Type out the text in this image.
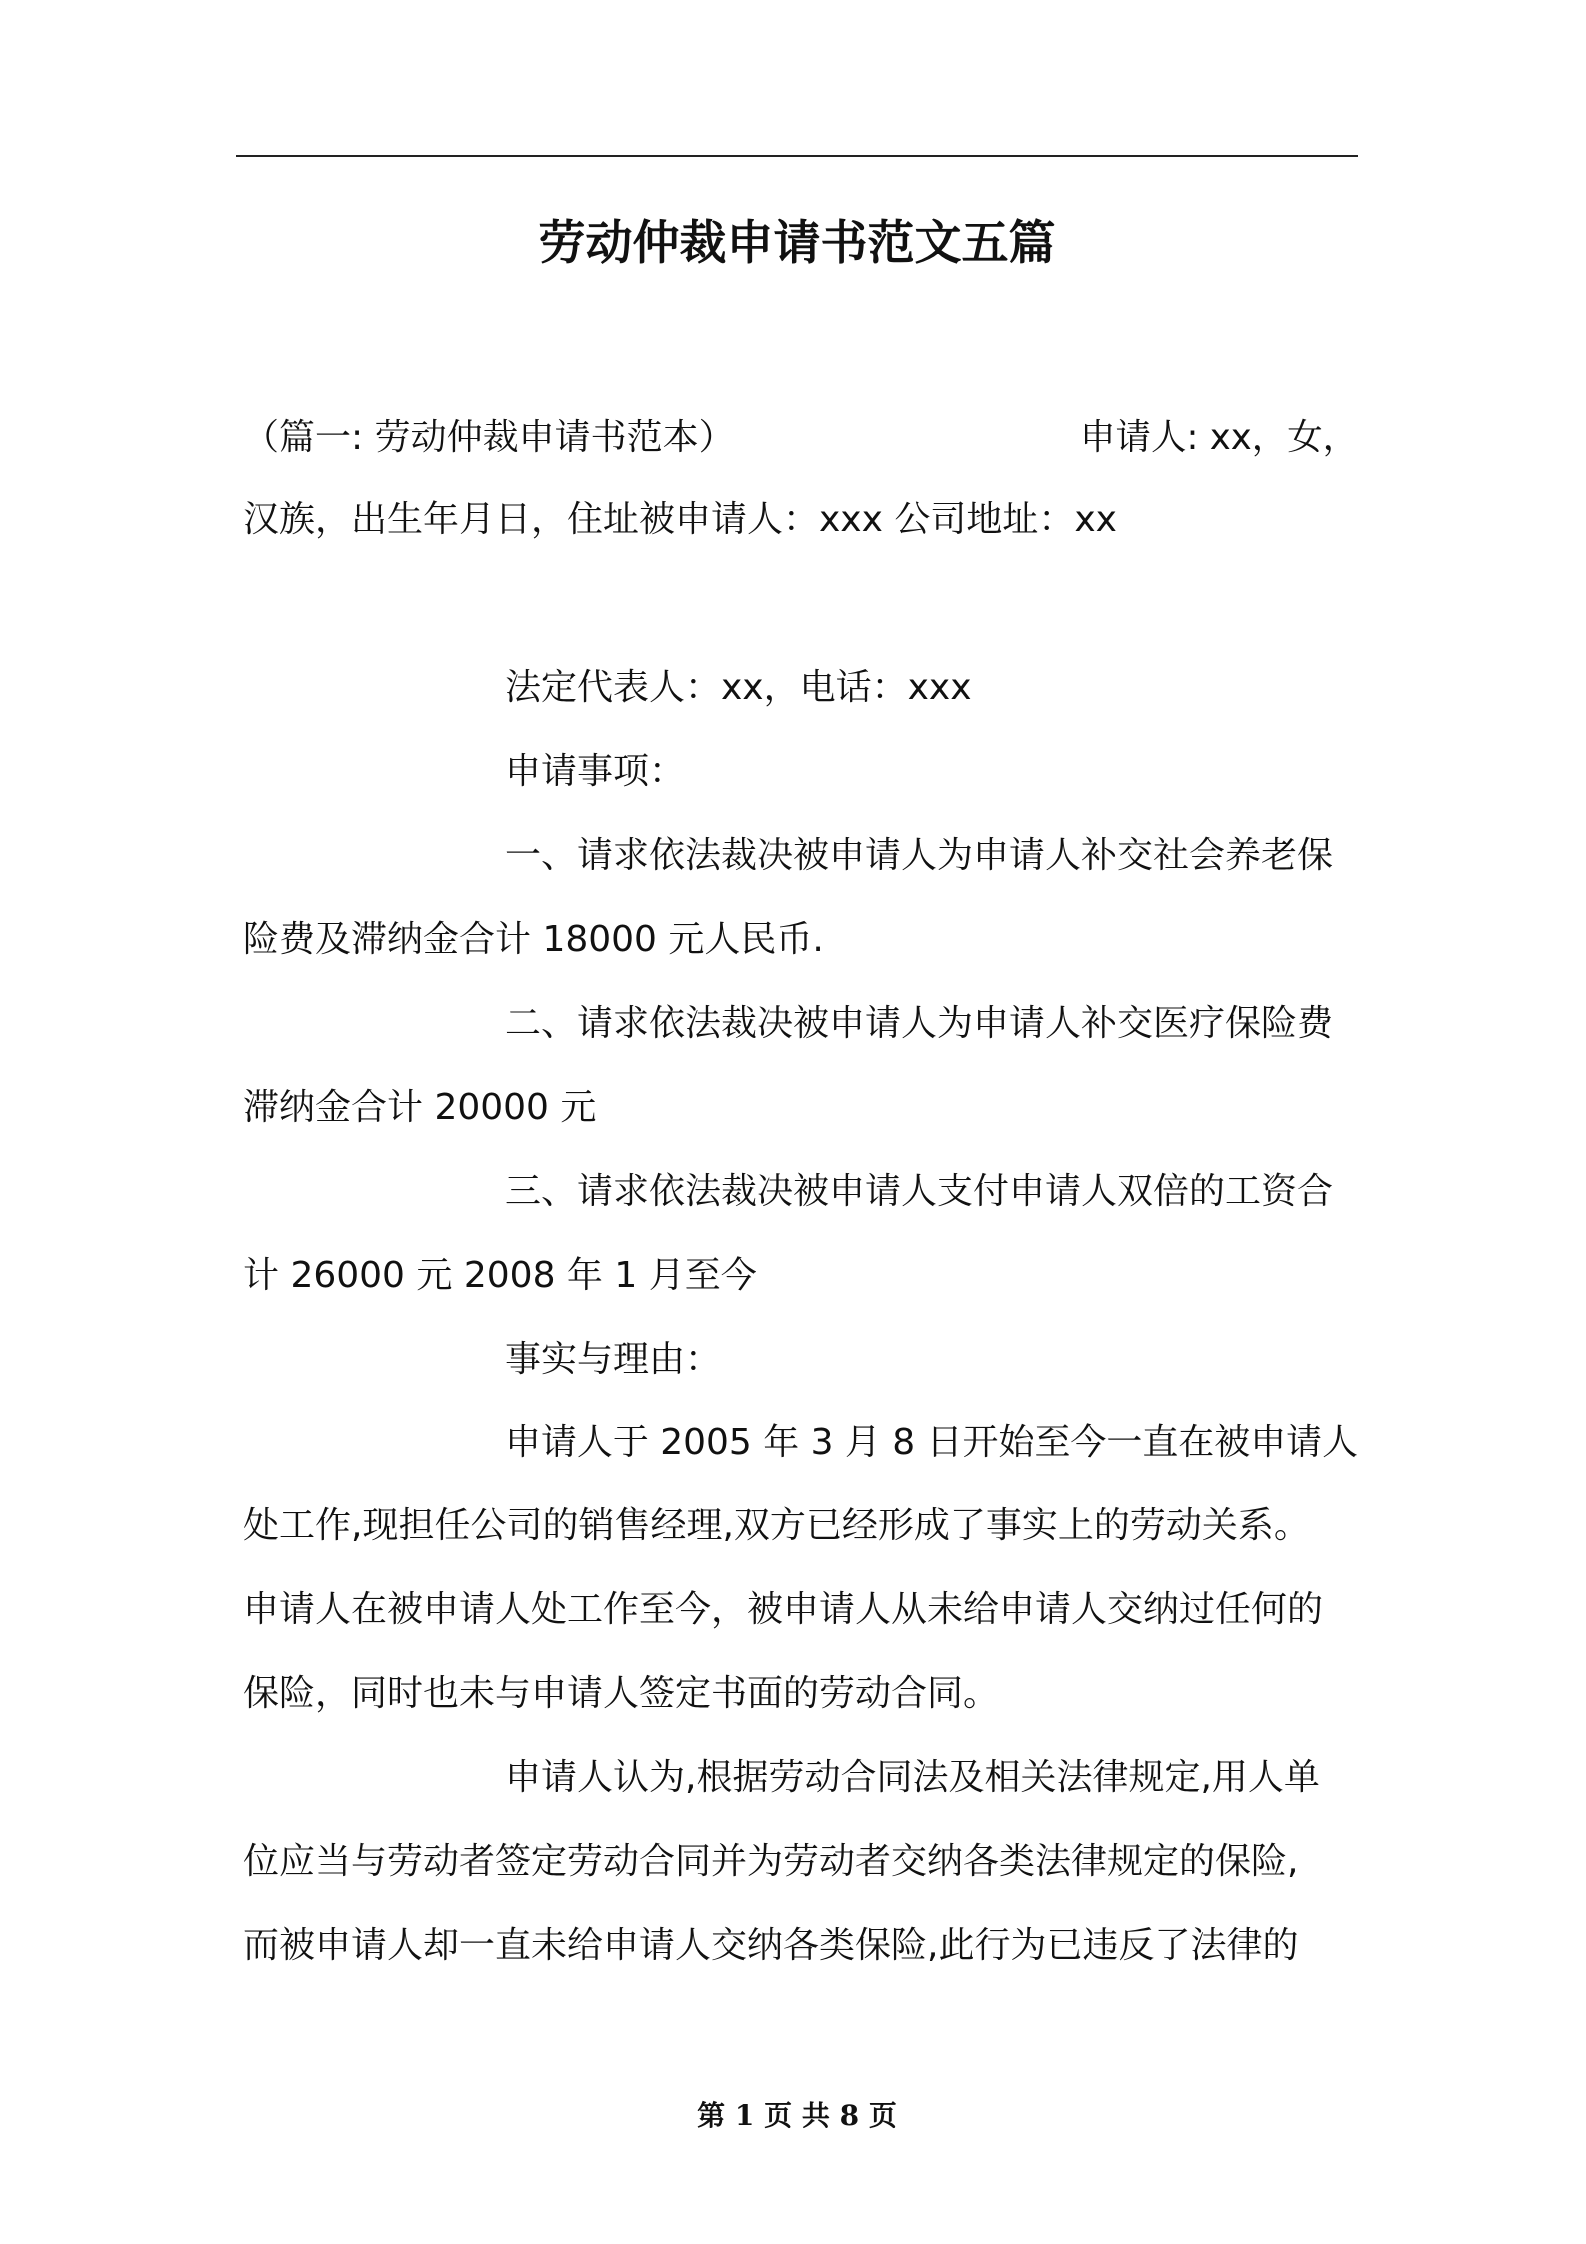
劳动仲裁申请书范文五篇
（篇一: 劳动仲裁申请书范本）	申请人: xx，女，
汉族，出生年月日，住址被申请人：xxx 公司地址：xx
法定代表人：xx，电话：xxx
申请事项：
一、请求依法裁决被申请人为申请人补交社会养老保
险费及滞纳金合计 18000 元人民币.
二、请求依法裁决被申请人为申请人补交医疗保险费
滞纳金合计 20000 元
三、请求依法裁决被申请人支付申请人双倍的工资合
计 26000 元 2008 年 1 月至今
事实与理由：
申请人于 2005 年 3 月 8 日开始至今一直在被申请人
处工作,现担任公司的销售经理,双方已经形成了事实上的劳动关系。
申请人在被申请人处工作至今，被申请人从未给申请人交纳过任何的
保险，同时也未与申请人签定书面的劳动合同。
申请人认为,根据劳动合同法及相关法律规定,用人单
位应当与劳动者签定劳动合同并为劳动者交纳各类法律规定的保险,
而被申请人却一直未给申请人交纳各类保险,此行为已违反了法律的
第 1 页 共 8 页
